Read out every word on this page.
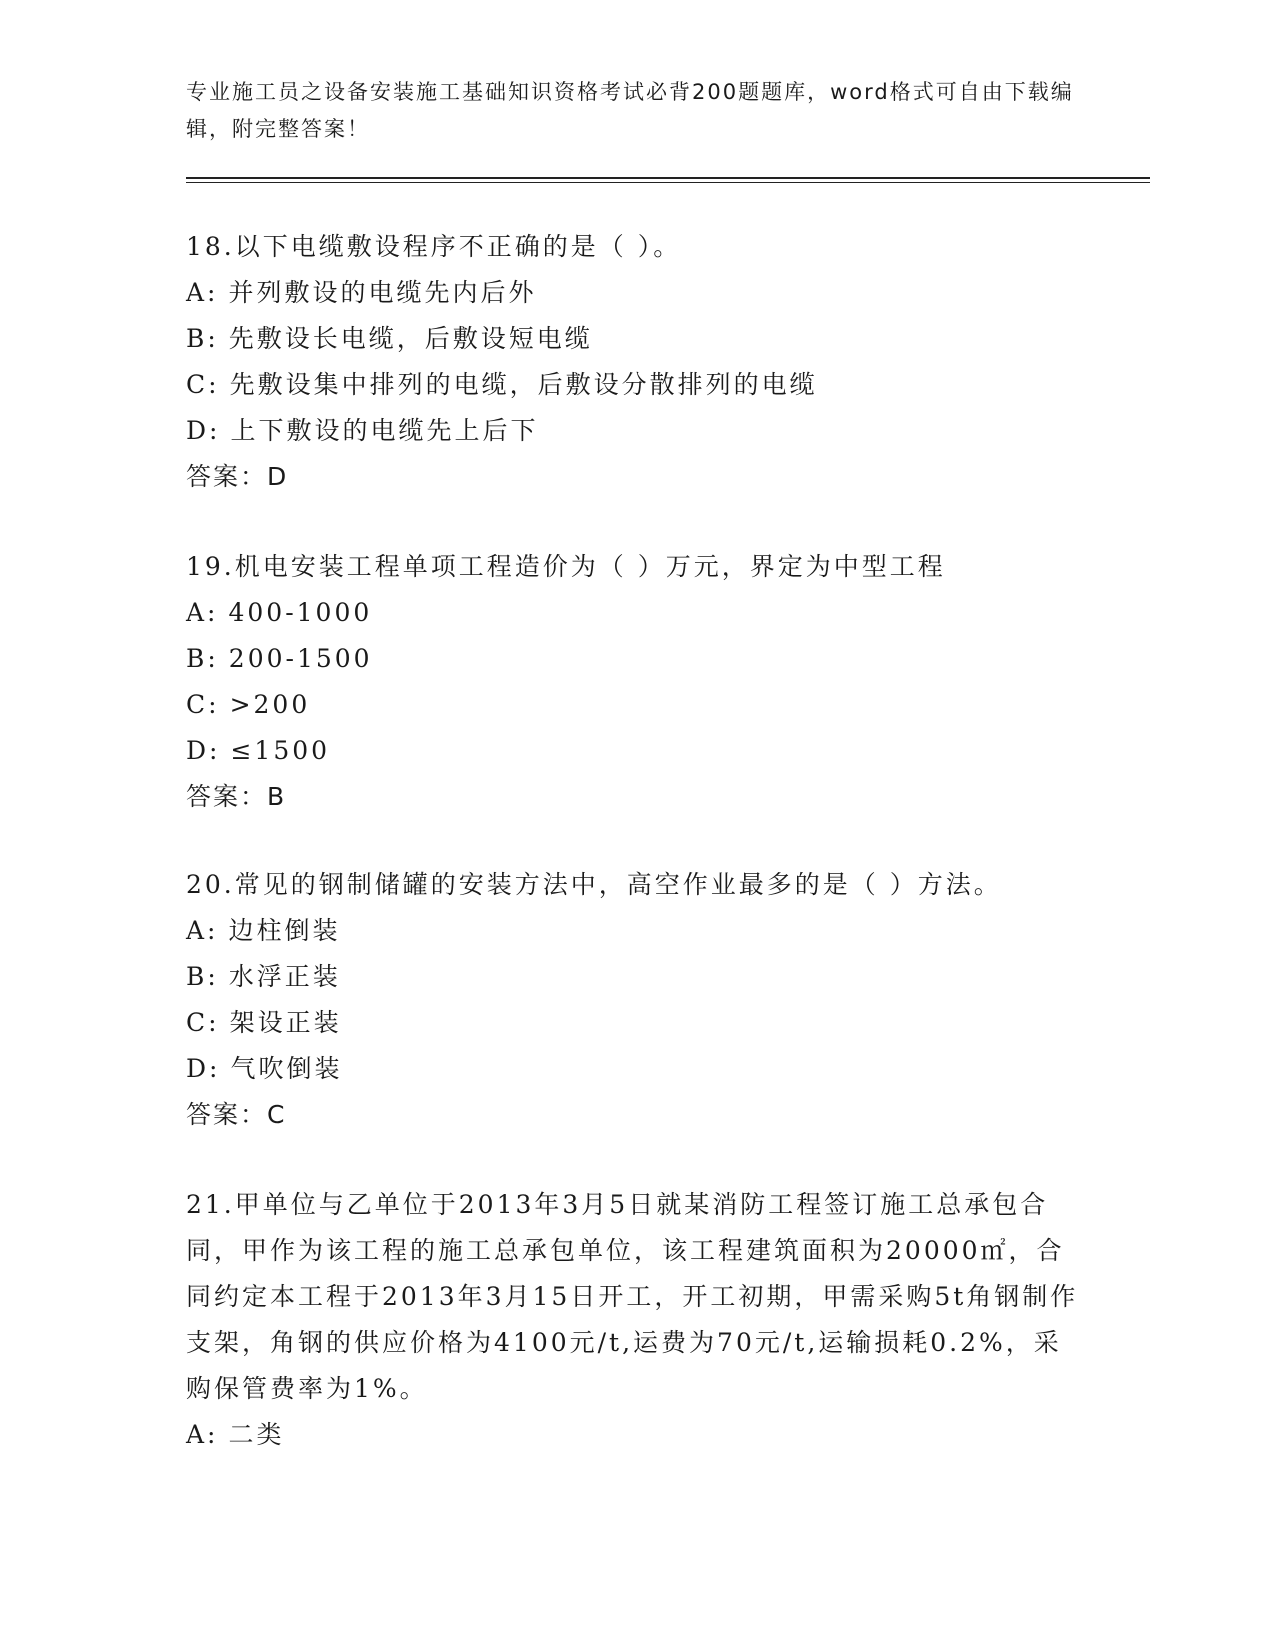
专业施工员之设备安装施工基础知识资格考试必背200题题库，word格式可自由下载编辑，附完整答案！
18.以下电缆敷设程序不正确的是（ ）。
A: 并列敷设的电缆先内后外
B: 先敷设长电缆，后敷设短电缆
C: 先敷设集中排列的电缆，后敷设分散排列的电缆
D: 上下敷设的电缆先上后下
答案：D
19.机电安装工程单项工程造价为（ ）万元，界定为中型工程
A: 400-1000
B: 200-1500
C: >200
D: ≤1500
答案：B
20.常见的钢制储罐的安装方法中，高空作业最多的是（ ）方法。
A: 边柱倒装
B: 水浮正装
C: 架设正装
D: 气吹倒装
答案：C
21.甲单位与乙单位于2013年3月5日就某消防工程签订施工总承包合同，甲作为该工程的施工总承包单位，该工程建筑面积为20000㎡，合同约定本工程于2013年3月15日开工，开工初期，甲需采购5t角钢制作支架，角钢的供应价格为4100元/t,运费为70元/t,运输损耗0.2%，采购保管费率为1%。
A: 二类
